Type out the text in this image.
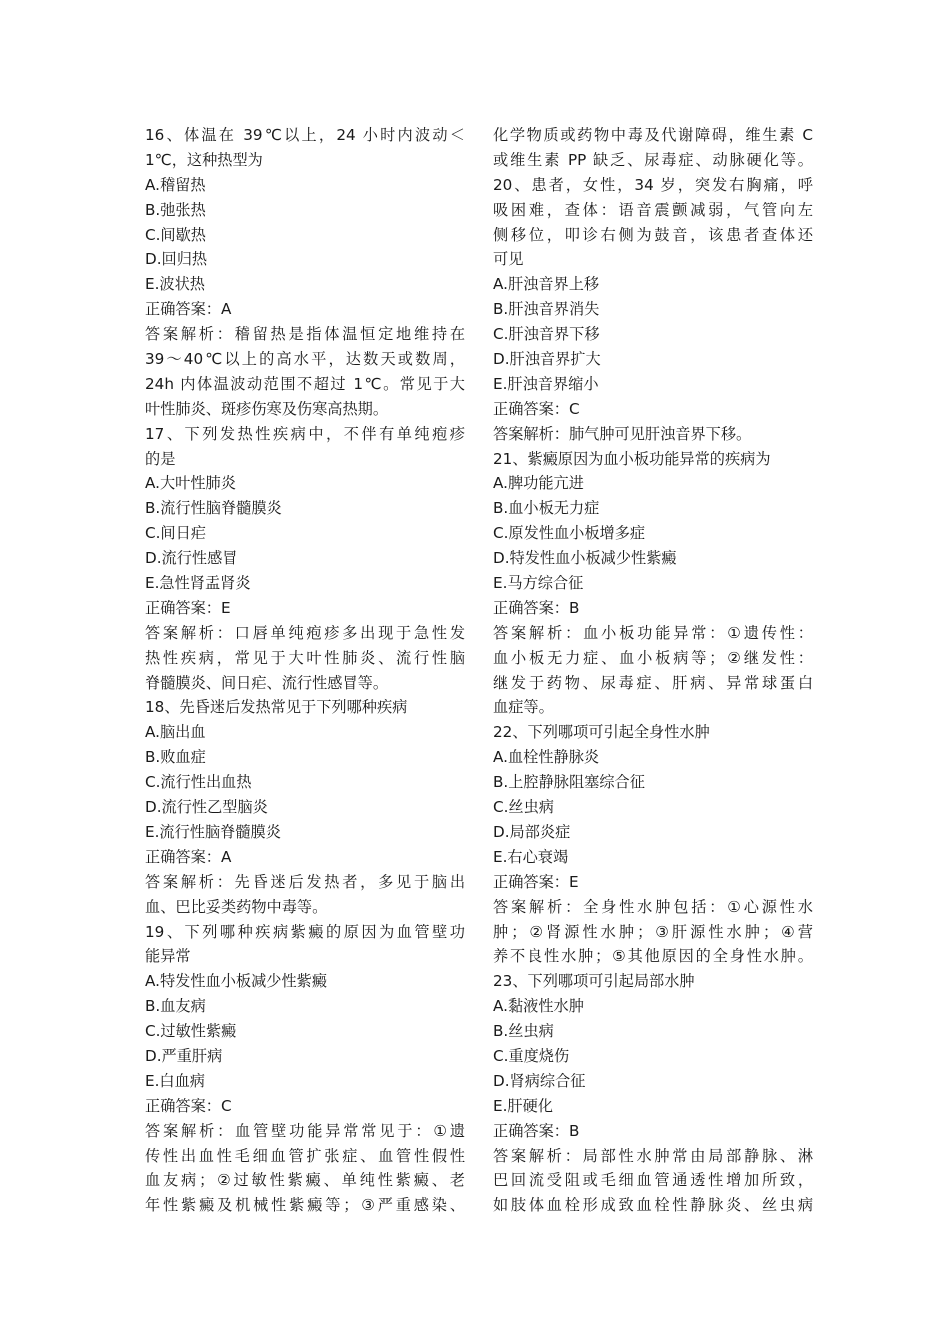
16、体温在 39℃以上，24 小时内波动＜
1℃，这种热型为
A.稽留热
B.弛张热
C.间歇热
D.回归热
E.波状热
正确答案：A
答案解析：稽留热是指体温恒定地维持在
39～40℃以上的高水平，达数天或数周，
24h 内体温波动范围不超过 1℃。常见于大
叶性肺炎、斑疹伤寒及伤寒高热期。
17、下列发热性疾病中，不伴有单纯疱疹
的是
A.大叶性肺炎
B.流行性脑脊髓膜炎
C.间日疟
D.流行性感冒
E.急性肾盂肾炎
正确答案：E
答案解析：口唇单纯疱疹多出现于急性发
热性疾病，常见于大叶性肺炎、流行性脑
脊髓膜炎、间日疟、流行性感冒等。
18、先昏迷后发热常见于下列哪种疾病
A.脑出血
B.败血症
C.流行性出血热
D.流行性乙型脑炎
E.流行性脑脊髓膜炎
正确答案：A
答案解析：先昏迷后发热者，多见于脑出
血、巴比妥类药物中毒等。
19、下列哪种疾病紫癜的原因为血管壁功
能异常
A.特发性血小板减少性紫癜
B.血友病
C.过敏性紫癜
D.严重肝病
E.白血病
正确答案：C
答案解析：血管壁功能异常常见于：①遗
传性出血性毛细血管扩张症、血管性假性
血友病；②过敏性紫癜、单纯性紫癜、老
年性紫癜及机械性紫癜等；③严重感染、
化学物质或药物中毒及代谢障碍，维生素 C
或维生素 PP 缺乏、尿毒症、动脉硬化等。
20、患者，女性，34 岁，突发右胸痛，呼
吸困难，查体：语音震颤减弱，气管向左
侧移位，叩诊右侧为鼓音，该患者查体还
可见
A.肝浊音界上移
B.肝浊音界消失
C.肝浊音界下移
D.肝浊音界扩大
E.肝浊音界缩小
正确答案：C
答案解析：肺气肿可见肝浊音界下移。
21、紫癜原因为血小板功能异常的疾病为
A.脾功能亢进
B.血小板无力症
C.原发性血小板增多症
D.特发性血小板减少性紫癜
E.马方综合征
正确答案：B
答案解析：血小板功能异常：①遗传性：
血小板无力症、血小板病等；②继发性：
继发于药物、尿毒症、肝病、异常球蛋白
血症等。
22、下列哪项可引起全身性水肿
A.血栓性静脉炎
B.上腔静脉阻塞综合征
C.丝虫病
D.局部炎症
E.右心衰竭
正确答案：E
答案解析：全身性水肿包括：①心源性水
肿；②肾源性水肿；③肝源性水肿；④营
养不良性水肿；⑤其他原因的全身性水肿。
23、下列哪项可引起局部水肿
A.黏液性水肿
B.丝虫病
C.重度烧伤
D.肾病综合征
E.肝硬化
正确答案：B
答案解析：局部性水肿常由局部静脉、淋
巴回流受阻或毛细血管通透性增加所致，
如肢体血栓形成致血栓性静脉炎、丝虫病
